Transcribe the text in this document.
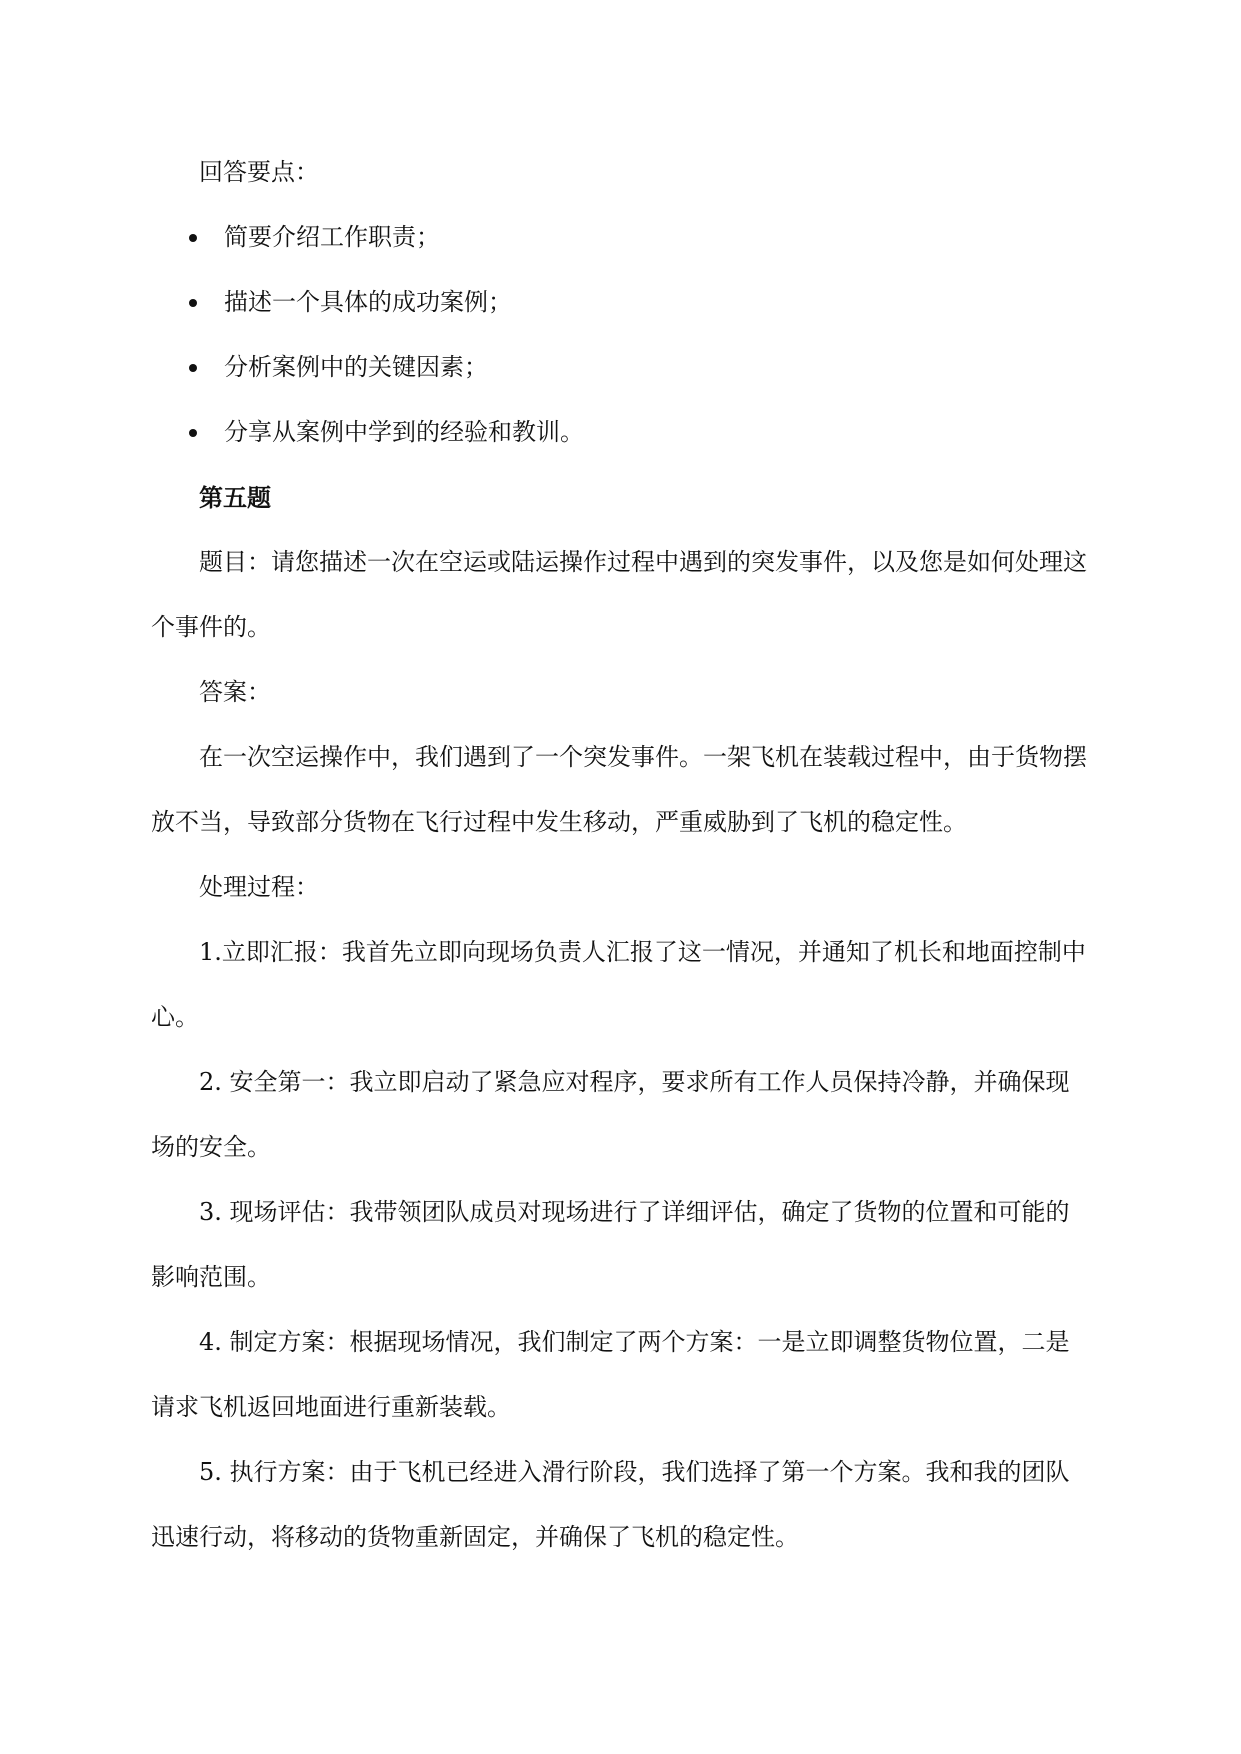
回答要点：

简要介绍工作职责；
描述一个具体的成功案例；
分析案例中的关键因素；
分享从案例中学到的经验和教训。

第五题

题目：请您描述一次在空运或陆运操作过程中遇到的突发事件，以及您是如何处理这个事件的。

答案：

在一次空运操作中，我们遇到了一个突发事件。一架飞机在装载过程中，由于货物摆放不当，导致部分货物在飞行过程中发生移动，严重威胁到了飞机的稳定性。

处理过程：

1.立即汇报：我首先立即向现场负责人汇报了这一情况，并通知了机长和地面控制中心。

2. 安全第一：我立即启动了紧急应对程序，要求所有工作人员保持冷静，并确保现场的安全。

3. 现场评估：我带领团队成员对现场进行了详细评估，确定了货物的位置和可能的影响范围。

4. 制定方案：根据现场情况，我们制定了两个方案：一是立即调整货物位置，二是请求飞机返回地面进行重新装载。

5. 执行方案：由于飞机已经进入滑行阶段，我们选择了第一个方案。我和我的团队迅速行动，将移动的货物重新固定，并确保了飞机的稳定性。
